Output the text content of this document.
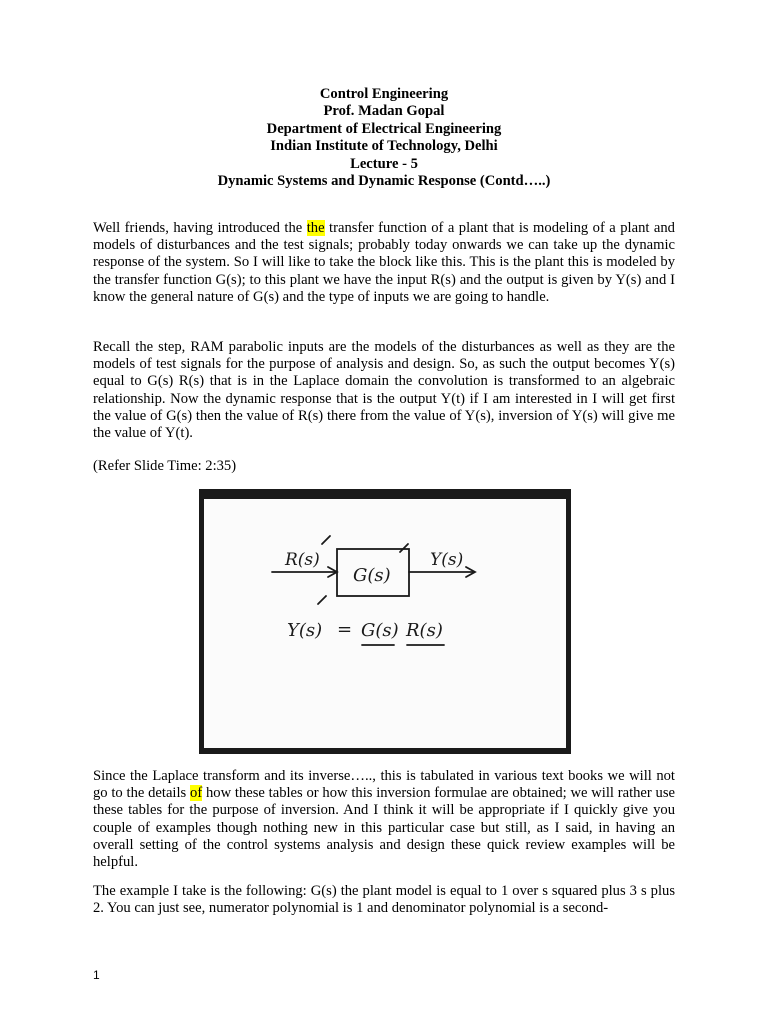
Control Engineering
Prof. Madan Gopal
Department of Electrical Engineering
Indian Institute of Technology, Delhi
Lecture - 5
Dynamic Systems and Dynamic Response (Contd…..)
Well friends, having introduced the the transfer function of a plant that is modeling of a plant and models of disturbances and the test signals; probably today onwards we can take up the dynamic response of the system. So I will like to take the block like this. This is the plant this is modeled by the transfer function G(s); to this plant we have the input R(s) and the output is given by Y(s) and I know the general nature of G(s) and the type of inputs we are going to handle.
Recall the step, RAM parabolic inputs are the models of the disturbances as well as they are the models of test signals for the purpose of analysis and design. So, as such the output becomes Y(s) equal to G(s) R(s) that is in the Laplace domain the convolution is transformed to an algebraic relationship. Now the dynamic response that is the output Y(t) if I am interested in I will get first the value of G(s) then the value of R(s) there from the value of Y(s), inversion of Y(s) will give me the value of Y(t).
(Refer Slide Time: 2:35)
R(s)
G(s)
Y(s)
Y(s) = G(s) R(s)
Since the Laplace transform and its inverse….., this is tabulated in various text books we will not go to the details of how these tables or how this inversion formulae are obtained; we will rather use these tables for the purpose of inversion. And I think it will be appropriate if I quickly give you couple of examples though nothing new in this particular case but still, as I said, in having an overall setting of the control systems analysis and design these quick review examples will be helpful.
The example I take is the following: G(s) the plant model is equal to 1 over s squared plus 3 s plus 2. You can just see, numerator polynomial is 1 and denominator polynomial is a second-
1
